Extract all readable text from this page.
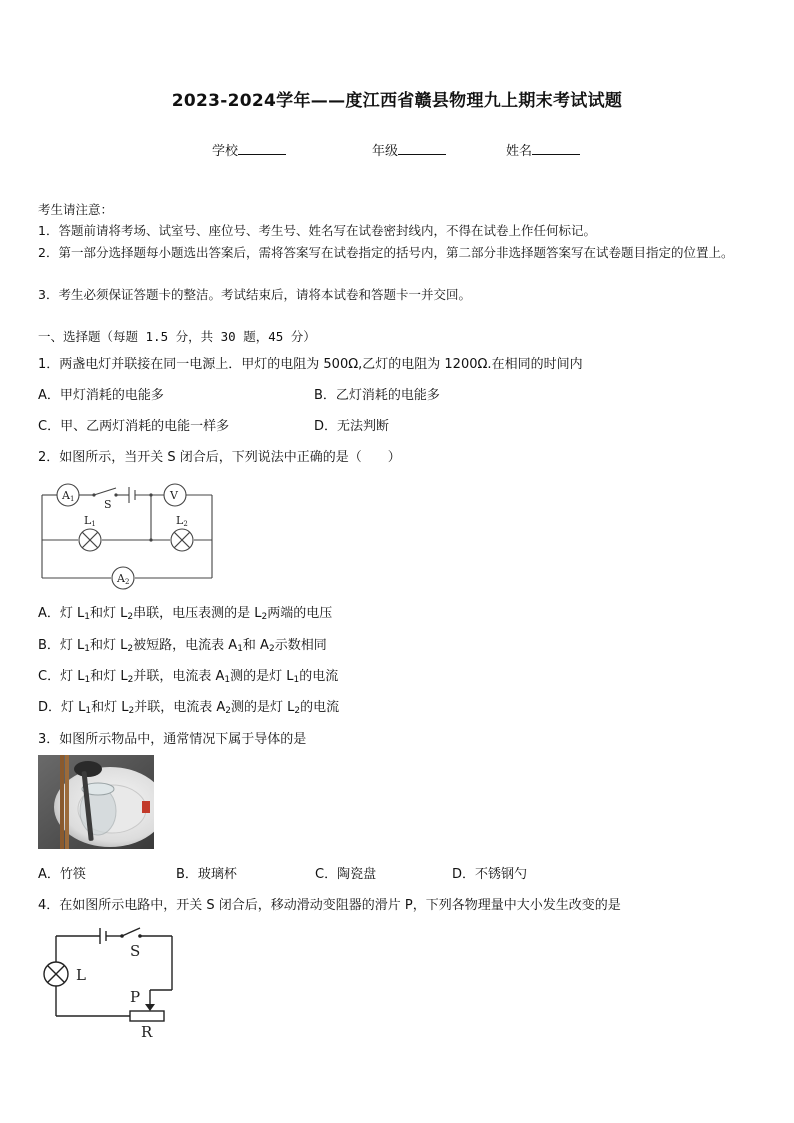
2023-2024学年——度江西省赣县物理九上期末考试试题
学校	年级	姓名
考生请注意：
1．答题前请将考场、试室号、座位号、考生号、姓名写在试卷密封线内，不得在试卷上作任何标记。
2．第一部分选择题每小题选出答案后，需将答案写在试卷指定的括号内，第二部分非选择题答案写在试卷题目指定的位置上。
3．考生必须保证答题卡的整洁。考试结束后，请将本试卷和答题卡一并交回。
一、选择题（每题 1.5 分，共 30 题，45 分）
1．两盏电灯并联接在同一电源上．甲灯的电阻为 500Ω,乙灯的电阻为 1200Ω.在相同的时间内
A．甲灯消耗的电能多	B．乙灯消耗的电能多
C．甲、乙两灯消耗的电能一样多	D．无法判断
2．如图所示，当开关 S 闭合后，下列说法中正确的是（　　）
A1	V
A2
S
L1	L2
A．灯 $L_1$和灯 $L_2$串联，电压表测的是 $L_2$两端的电压
B．灯 $L_1$和灯 $L_2$被短路，电流表 $A_1$和 $A_2$示数相同
C．灯 $L_1$和灯 $L_2$并联，电流表 $A_1$测的是灯 $L_1$的电流
D．灯 $L_1$和灯 $L_2$并联，电流表 $A_2$测的是灯 $L_2$的电流
3．如图所示物品中，通常情况下属于导体的是
A．竹筷	B．玻璃杯	C．陶瓷盘	D．不锈钢勺
4．在如图所示电路中，开关 S 闭合后，移动滑动变阻器的滑片 P，下列各物理量中大小发生改变的是
S
L
P
R
